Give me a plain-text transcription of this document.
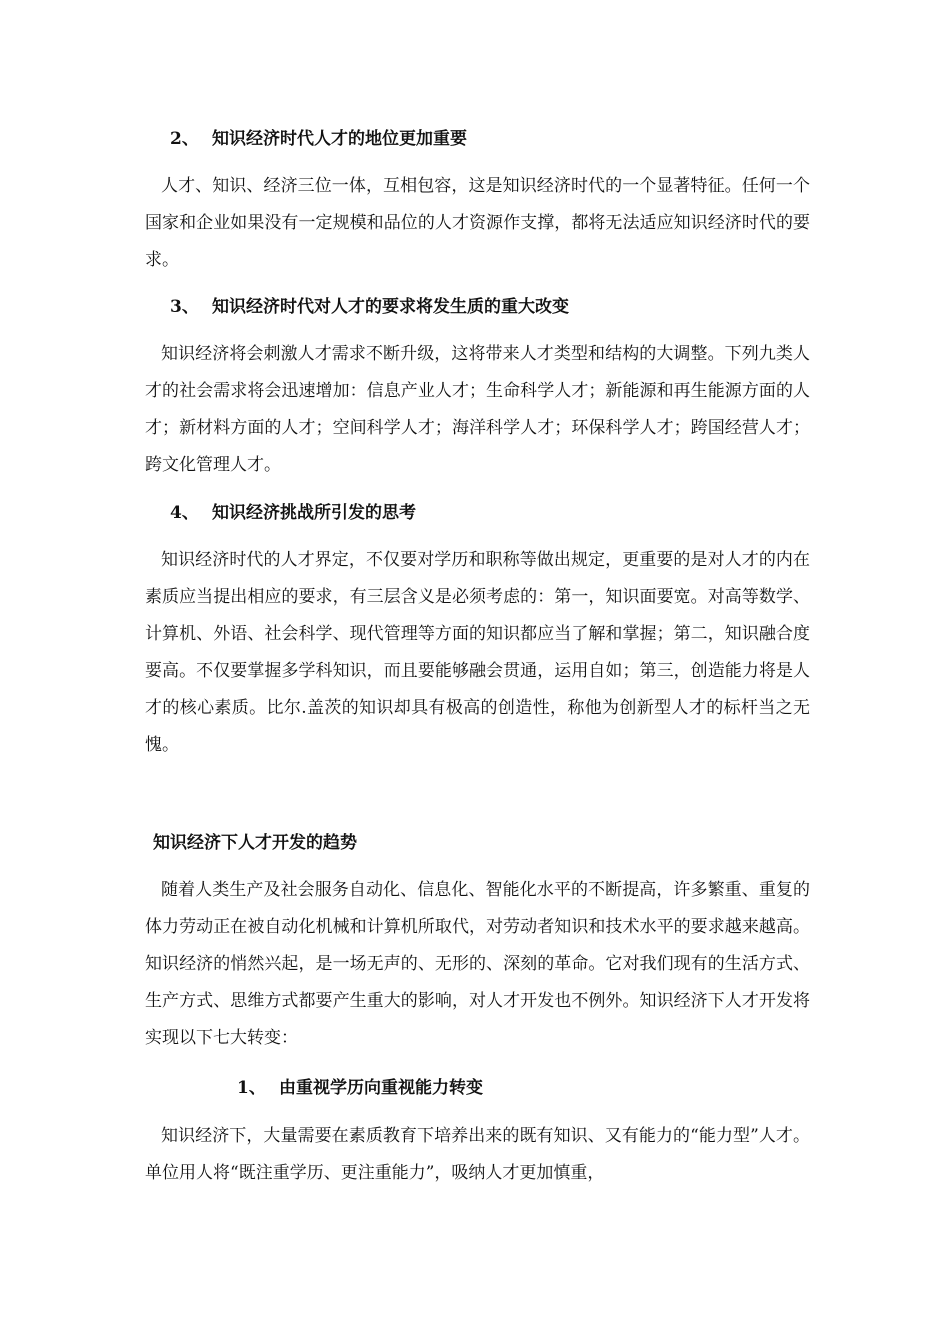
2、 知识经济时代人才的地位更加重要
人才、知识、经济三位一体，互相包容，这是知识经济时代的一个显著特征。任何一个国家和企业如果没有一定规模和品位的人才资源作支撑，都将无法适应知识经济时代的要求。
3、 知识经济时代对人才的要求将发生质的重大改变
知识经济将会刺激人才需求不断升级，这将带来人才类型和结构的大调整。下列九类人才的社会需求将会迅速增加：信息产业人才；生命科学人才；新能源和再生能源方面的人才；新材料方面的人才；空间科学人才；海洋科学人才；环保科学人才；跨国经营人才；跨文化管理人才。
4、 知识经济挑战所引发的思考
知识经济时代的人才界定，不仅要对学历和职称等做出规定，更重要的是对人才的内在素质应当提出相应的要求，有三层含义是必须考虑的：第一，知识面要宽。对高等数学、计算机、外语、社会科学、现代管理等方面的知识都应当了解和掌握；第二，知识融合度要高。不仅要掌握多学科知识，而且要能够融会贯通，运用自如；第三，创造能力将是人才的核心素质。比尔.盖茨的知识却具有极高的创造性，称他为创新型人才的标杆当之无愧。
知识经济下人才开发的趋势
随着人类生产及社会服务自动化、信息化、智能化水平的不断提高，许多繁重、重复的体力劳动正在被自动化机械和计算机所取代，对劳动者知识和技术水平的要求越来越高。知识经济的悄然兴起，是一场无声的、无形的、深刻的革命。它对我们现有的生活方式、生产方式、思维方式都要产生重大的影响，对人才开发也不例外。知识经济下人才开发将实现以下七大转变：
1、 由重视学历向重视能力转变
知识经济下，大量需要在素质教育下培养出来的既有知识、又有能力的“能力型”人才。单位用人将“既注重学历、更注重能力”，吸纳人才更加慎重，
